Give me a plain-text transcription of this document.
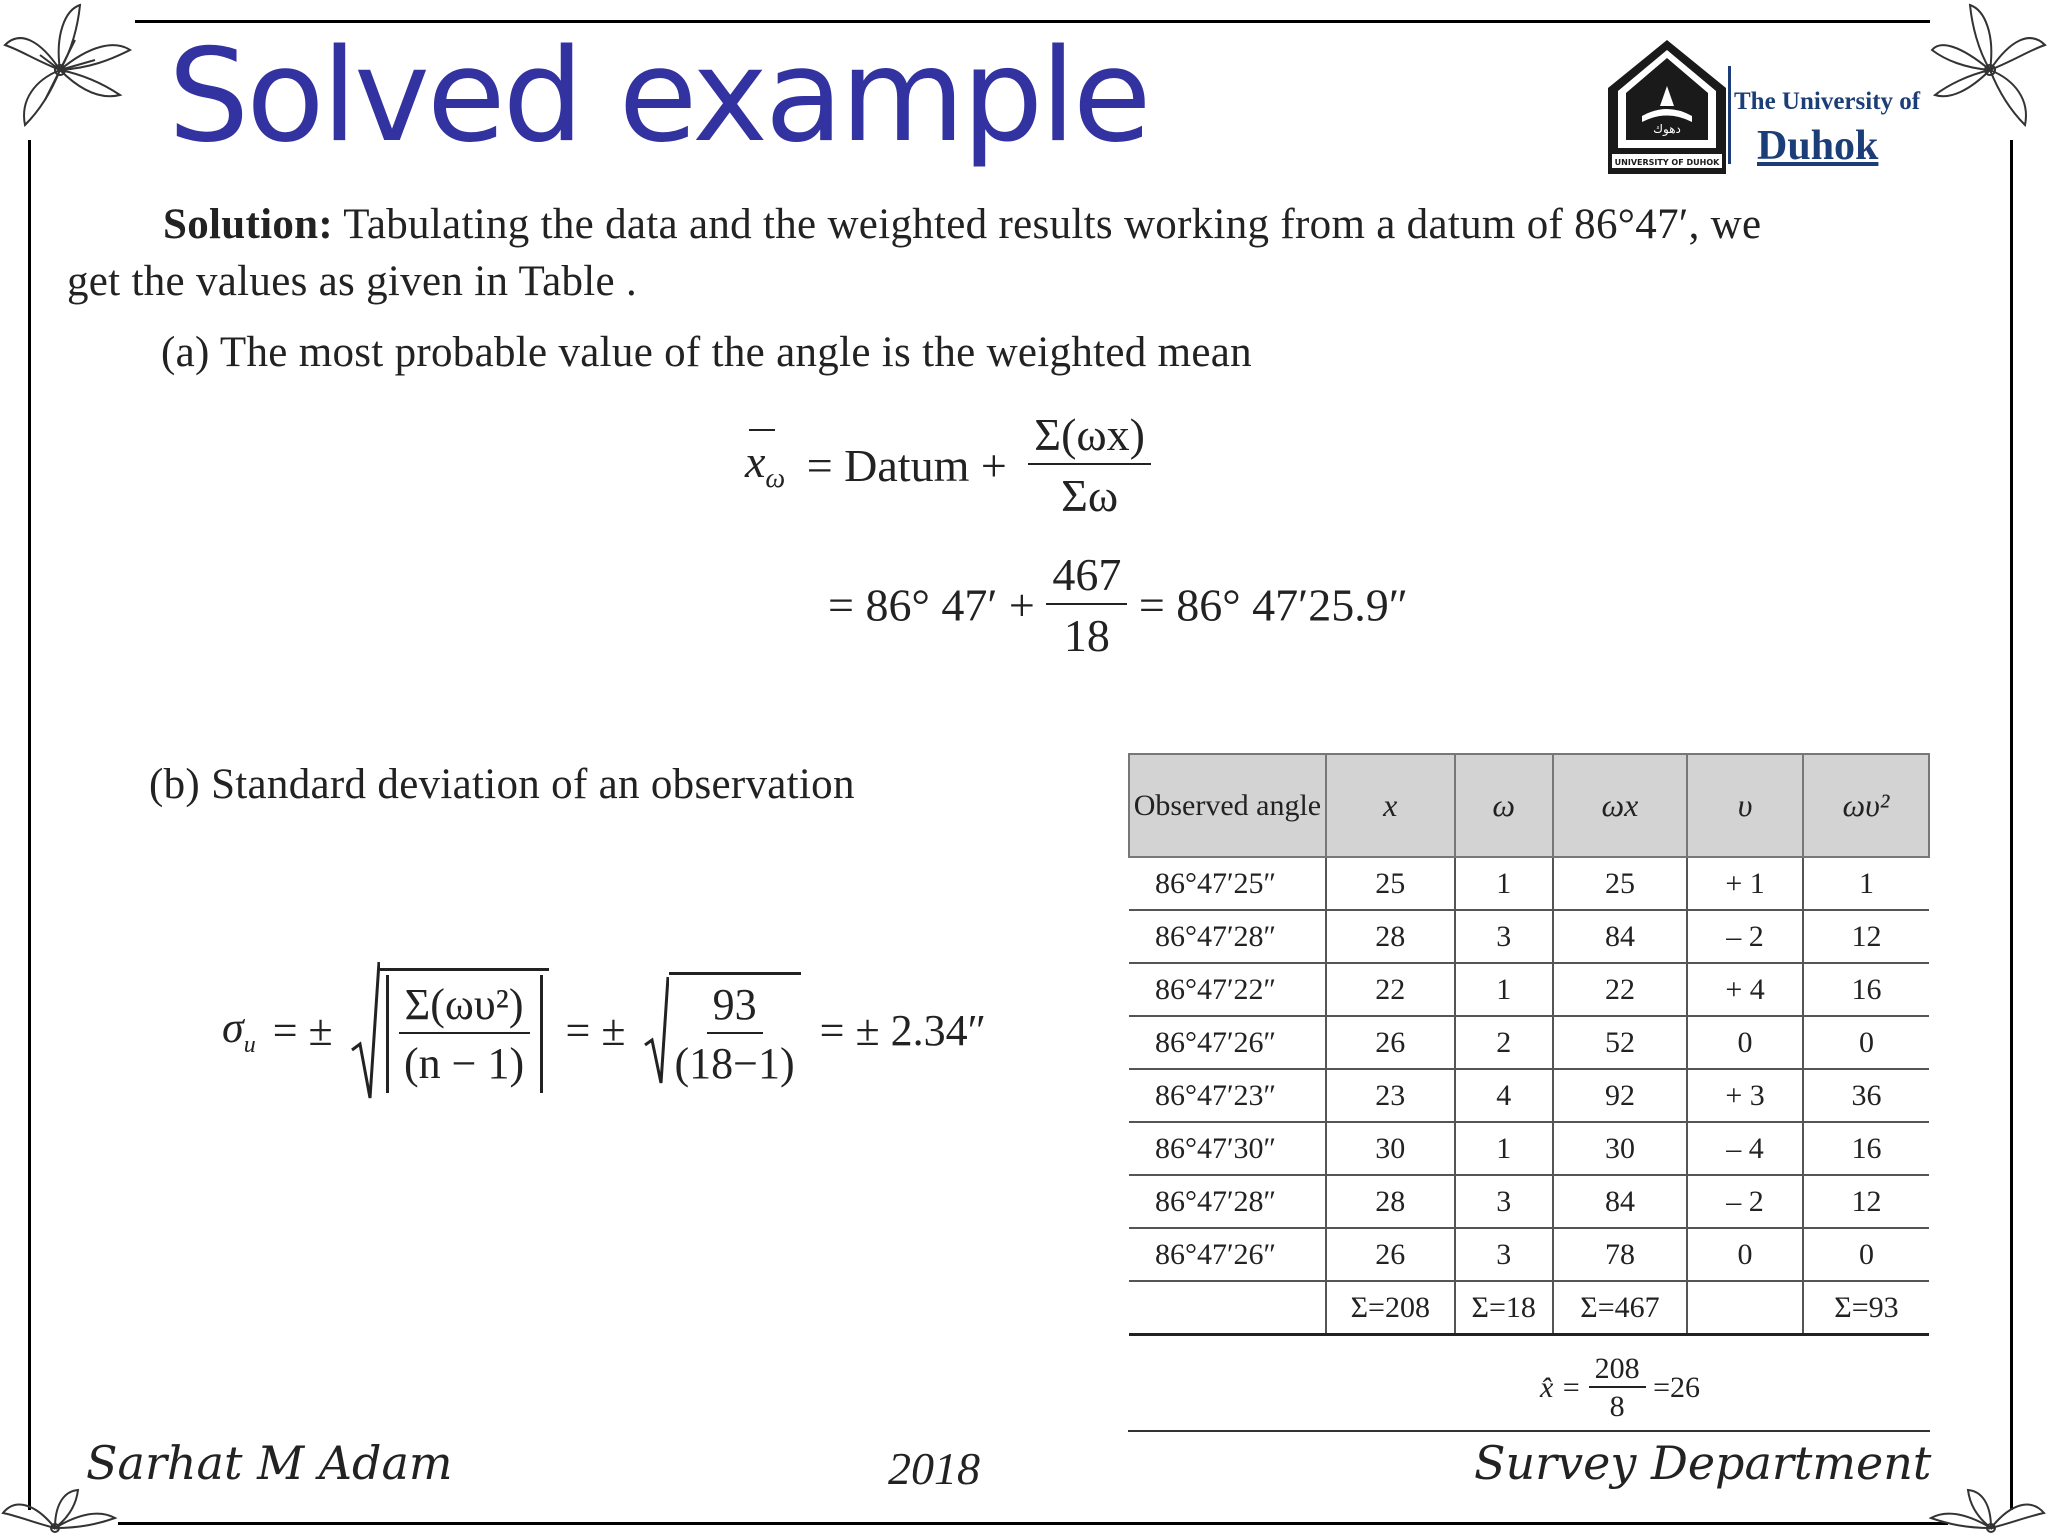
Solved example	دهوك
UNIVERSITY OF DUHOK
The University of
Duhok
Solution: Tabulating the data and the weighted results working from a datum of 86°47′, we
get the values as given in Table .
(a) The most probable value of the angle is the weighted mean
$x_\omega$ = Datum + $\frac{\Sigma(\omega x)}{\Sigma\omega}$
= 86° $47' + \frac{467}{18} = 86^\circ$ 47′25.9″
(b) Standard deviation of an observation
$\sigma_u$ = ± $\frac{\text{Σ(ωυ²)}}{(n - 1)}$ = ± $\frac{93}{(18-1)}$ = ± 2.34″
Observed angle	x	ω	ωx	υ	ωυ²
86°47′25″	25	1	25	+ 1	1
86°47′28″	28	3	84	– 2	12
86°47′22″	22	1	22	+ 4	16
86°47′26″	26	2	52	0	0
86°47′23″	23	4	92	+ 3	36
86°47′30″	30	1	30	– 4	16
86°47′28″	28	3	84	– 2	12
86°47′26″	26	3	78	0	0
	Σ=208	Σ=18	Σ=467		Σ=93
x̂ = $\frac{208}{8} =26$
Sarhat M Adam	2018	Survey Department
